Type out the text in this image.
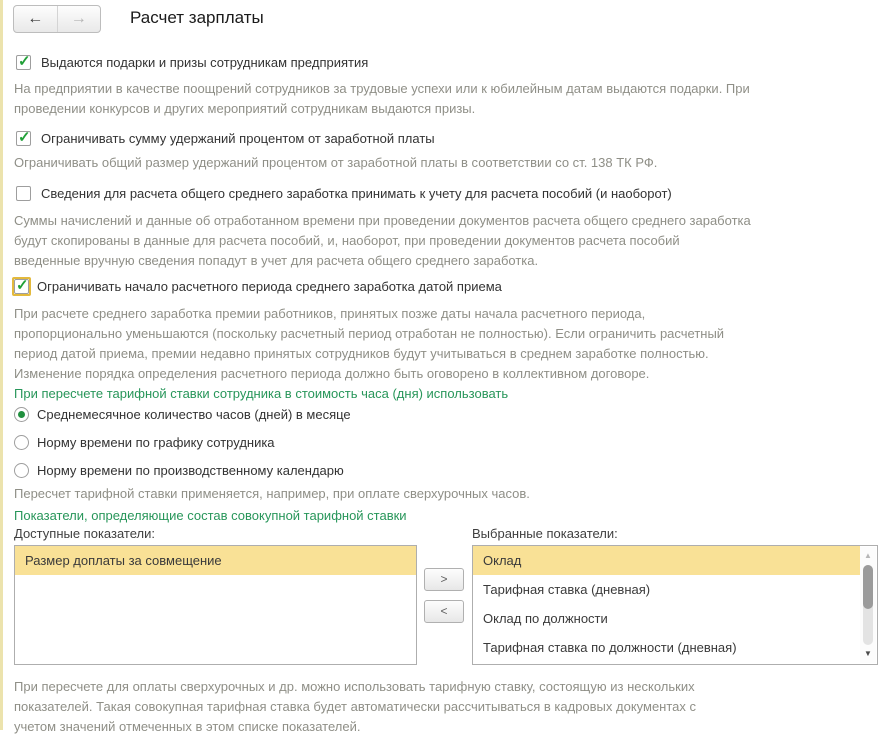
← →	Расчет зарплаты
✓ Выдаются подарки и призы сотрудникам предприятия
На предприятии в качестве поощрений сотрудников за трудовые успехи или к юбилейным датам выдаются подарки. При
проведении конкурсов и других мероприятий сотрудникам выдаются призы.
✓ Ограничивать сумму удержаний процентом от заработной платы
Ограничивать общий размер удержаний процентом от заработной платы в соответствии со ст. 138 ТК РФ.
Сведения для расчета общего среднего заработка принимать к учету для расчета пособий (и наоборот)
Суммы начислений и данные об отработанном времени при проведении документов расчета общего среднего заработка
будут скопированы в данные для расчета пособий, и, наоборот, при проведении документов расчета пособий
введенные вручную сведения попадут в учет для расчета общего среднего заработка.
✓ Ограничивать начало расчетного периода среднего заработка датой приема
При расчете среднего заработка премии работников, принятых позже даты начала расчетного периода,
пропорционально уменьшаются (поскольку расчетный период отработан не полностью). Если ограничить расчетный
период датой приема, премии недавно принятых сотрудников будут учитываться в среднем заработке полностью.
Изменение порядка определения расчетного периода должно быть оговорено в коллективном договоре.
При пересчете тарифной ставки сотрудника в стоимость часа (дня) использовать
Среднемесячное количество часов (дней) в месяце
Норму времени по графику сотрудника
Норму времени по производственному календарю
Пересчет тарифной ставки применяется, например, при оплате сверхурочных часов.
Показатели, определяющие состав совокупной тарифной ставки
Доступные показатели:	Выбранные показатели:
Размер доплаты за совмещение
>
<
Оклад
Тарифная ставка (дневная)
Оклад по должности
Тарифная ставка по должности (дневная)
▲
▼
При пересчете для оплаты сверхурочных и др. можно использовать тарифную ставку, состоящую из нескольких
показателей. Такая совокупная тарифная ставка будет автоматически рассчитываться в кадровых документах с
учетом значений отмеченных в этом списке показателей.
